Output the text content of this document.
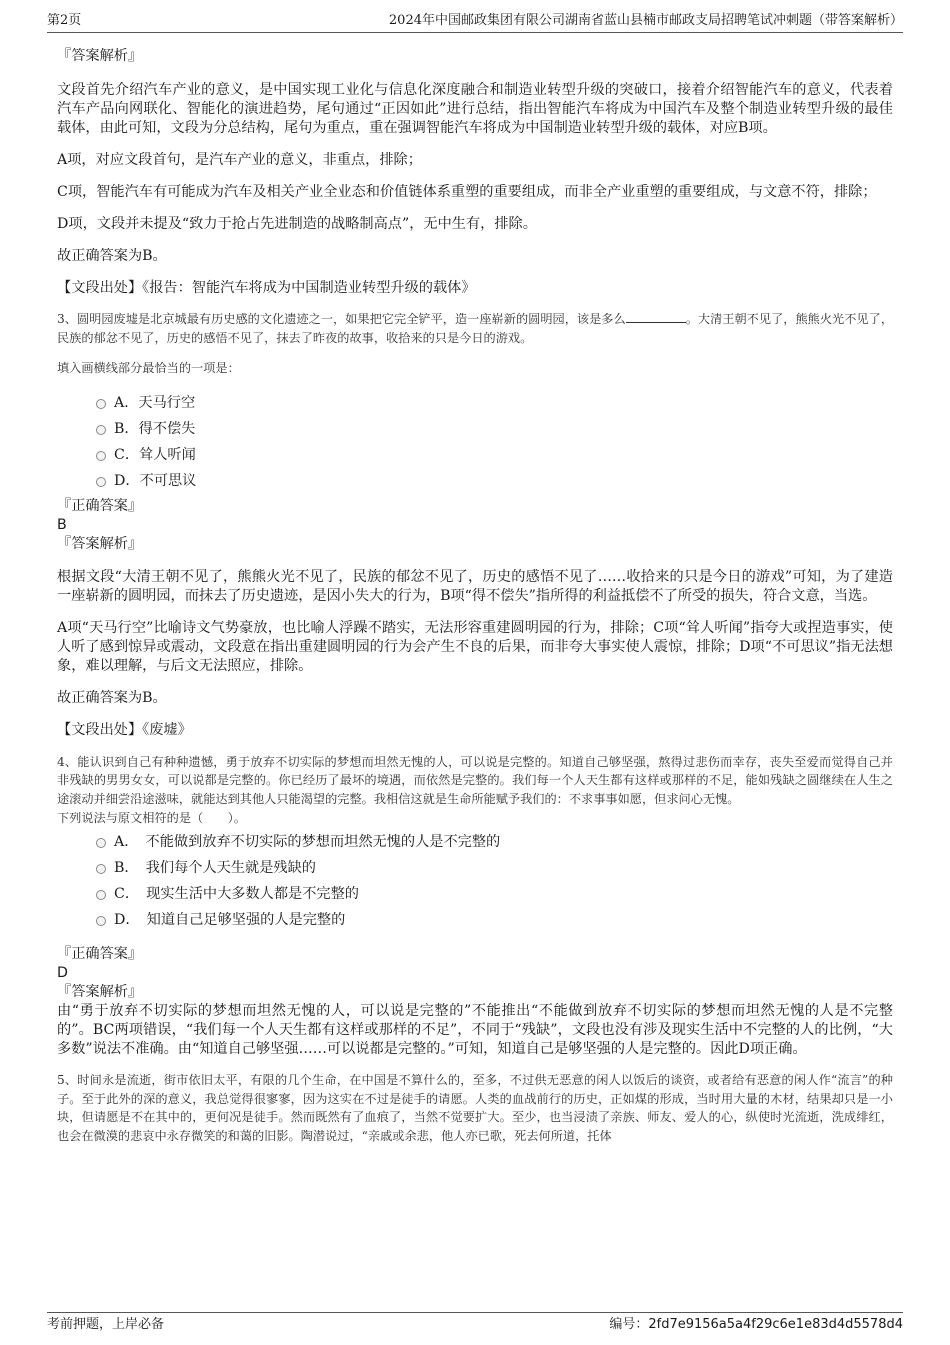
第2页	2024年中国邮政集团有限公司湖南省蓝山县楠市邮政支局招聘笔试冲刺题（带答案解析）

『答案解析』

文段首先介绍汽车产业的意义，是中国实现工业化与信息化深度融合和制造业转型升级的突破口，接着介绍智能汽车的意义，代表着汽车产品向网联化、智能化的演进趋势，尾句通过“正因如此”进行总结，指出智能汽车将成为中国汽车及整个制造业转型升级的最佳载体，由此可知，文段为分总结构，尾句为重点，重在强调智能汽车将成为中国制造业转型升级的载体，对应B项。

A项，对应文段首句，是汽车产业的意义，非重点，排除；

C项，智能汽车有可能成为汽车及相关产业全业态和价值链体系重塑的重要组成，而非全产业重塑的重要组成，与文意不符，排除；

D项，文段并未提及“致力于抢占先进制造的战略制高点”，无中生有，排除。

故正确答案为B。

【文段出处】《报告：智能汽车将成为中国制造业转型升级的载体》

3、圆明园废墟是北京城最有历史感的文化遗迹之一，如果把它完全铲平，造一座崭新的圆明园，该是多么	。大清王朝不见了，熊熊火光不见了，民族的郁忿不见了，历史的感悟不见了，抹去了昨夜的故事，收拾来的只是今日的游戏。

填入画横线部分最恰当的一项是：

A．天马行空
B．得不偿失
C．耸人听闻
D．不可思议

『正确答案』

B

『答案解析』

根据文段“大清王朝不见了，熊熊火光不见了，民族的郁忿不见了，历史的感悟不见了……收拾来的只是今日的游戏”可知，为了建造一座崭新的圆明园，而抹去了历史遗迹，是因小失大的行为，B项“得不偿失”指所得的利益抵偿不了所受的损失，符合文意，当选。

A项“天马行空”比喻诗文气势豪放，也比喻人浮躁不踏实，无法形容重建圆明园的行为，排除；C项“耸人听闻”指夸大或捏造事实，使人听了感到惊异或震动，文段意在指出重建圆明园的行为会产生不良的后果，而非夸大事实使人震惊，排除；D项“不可思议”指无法想象，难以理解，与后文无法照应，排除。

故正确答案为B。

【文段出处】《废墟》

4、能认识到自己有种种遗憾，勇于放弃不切实际的梦想而坦然无愧的人，可以说是完整的。知道自己够坚强，熬得过悲伤而幸存，丧失至爱而觉得自己并非残缺的男男女女，可以说都是完整的。你已经历了最坏的境遇，而依然是完整的。我们每一个人天生都有这样或那样的不足，能如残缺之圆继续在人生之途滚动并细尝沿途滋味，就能达到其他人只能渴望的完整。我相信这就是生命所能赋予我们的：不求事事如愿，但求问心无愧。

下列说法与原文相符的是（　　）。

A．　不能做到放弃不切实际的梦想而坦然无愧的人是不完整的
B．　我们每个人天生就是残缺的
C．　现实生活中大多数人都是不完整的
D．　知道自己足够坚强的人是完整的

『正确答案』

D

『答案解析』

由“勇于放弃不切实际的梦想而坦然无愧的人，可以说是完整的”不能推出“不能做到放弃不切实际的梦想而坦然无愧的人是不完整的”。BC两项错误，“我们每一个人天生都有这样或那样的不足”，不同于“残缺”，文段也没有涉及现实生活中不完整的人的比例，“大多数”说法不准确。由“知道自己够坚强……可以说都是完整的。”可知，知道自己是够坚强的人是完整的。因此D项正确。

5、时间永是流逝，街市依旧太平，有限的几个生命，在中国是不算什么的，至多，不过供无恶意的闲人以饭后的谈资，或者给有恶意的闲人作“流言”的种子。至于此外的深的意义，我总觉得很寥寥，因为这实在不过是徒手的请愿。人类的血战前行的历史，正如煤的形成，当时用大量的木材，结果却只是一小块，但请愿是不在其中的，更何况是徒手。然而既然有了血痕了，当然不觉要扩大。至少，也当浸渍了亲族、师友、爱人的心，纵使时光流逝，洗成绯红，也会在微漠的悲哀中永存微笑的和蔼的旧影。陶潜说过，“亲戚或余悲，他人亦已歌，死去何所道，托体

考前押题，上岸必备	编号：2fd7e9156a5a4f29c6e1e83d4d5578d4
